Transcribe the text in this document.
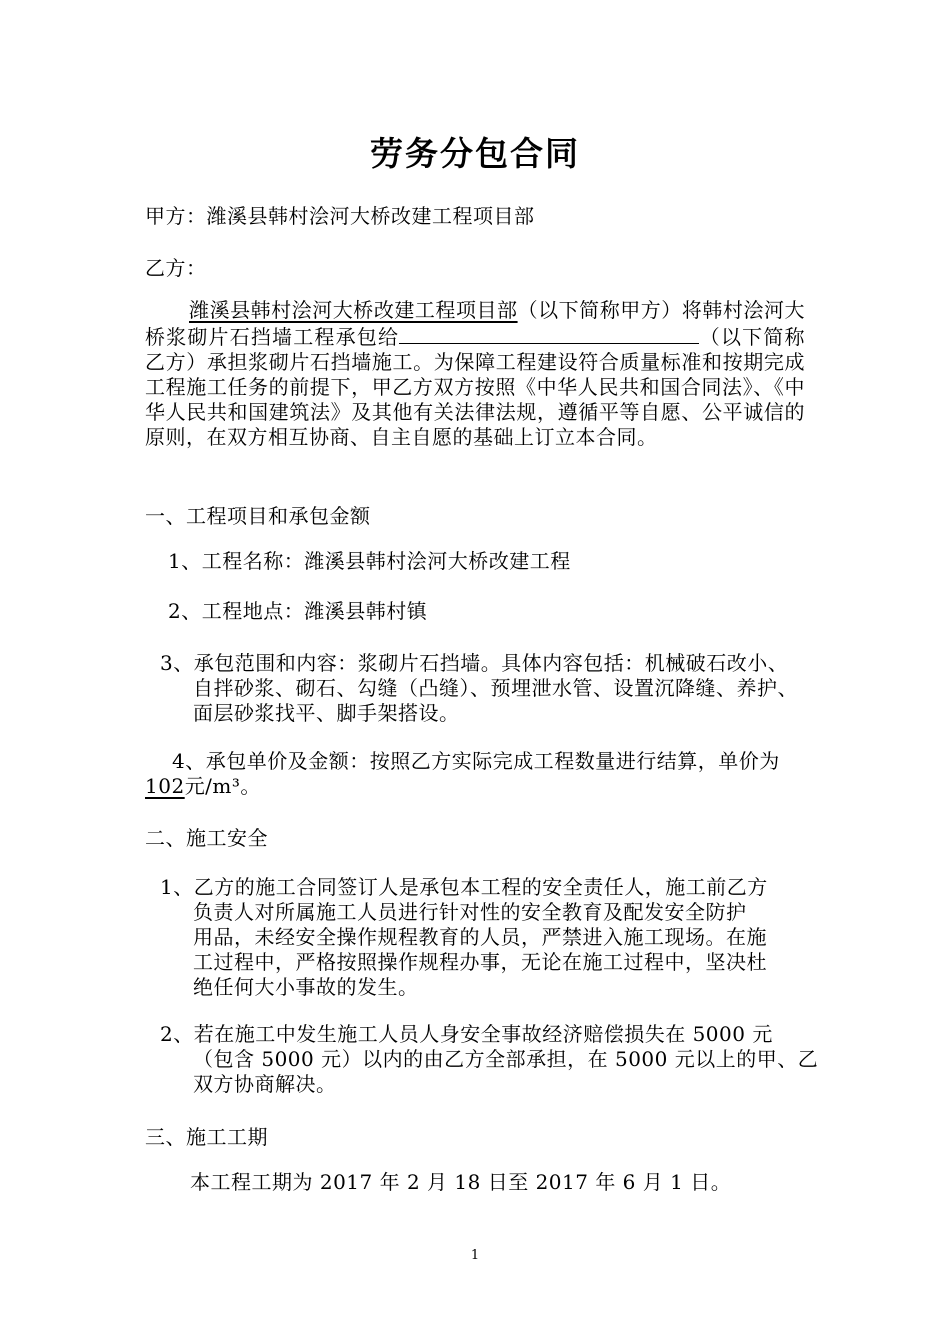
劳务分包合同
甲方：潍溪县韩村浍河大桥改建工程项目部
乙方：
潍溪县韩村浍河大桥改建工程项目部（以下简称甲方）将韩村浍河大桥浆砌片石挡墙工程承包给	（以下简称乙方）承担浆砌片石挡墙施工。为保障工程建设符合质量标准和按期完成工程施工任务的前提下，甲乙方双方按照《中华人民共和国合同法》、《中华人民共和国建筑法》及其他有关法律法规，遵循平等自愿、公平诚信的原则，在双方相互协商、自主自愿的基础上订立本合同。
一、工程项目和承包金额
1、工程名称：潍溪县韩村浍河大桥改建工程
2、工程地点：潍溪县韩村镇
3、承包范围和内容：浆砌片石挡墙。具体内容包括：机械破石改小、
自拌砂浆、砌石、勾缝（凸缝）、预埋泄水管、设置沉降缝、养护、
面层砂浆找平、脚手架搭设。
4、承包单价及金额：按照乙方实际完成工程数量进行结算，单价为
102元/m³。
二、施工安全
1、乙方的施工合同签订人是承包本工程的安全责任人，施工前乙方
负责人对所属施工人员进行针对性的安全教育及配发安全防护
用品，未经安全操作规程教育的人员，严禁进入施工现场。在施
工过程中，严格按照操作规程办事，无论在施工过程中，坚决杜
绝任何大小事故的发生。
2、若在施工中发生施工人员人身安全事故经济赔偿损失在 5000 元
（包含 5000 元）以内的由乙方全部承担，在 5000 元以上的甲、乙
双方协商解决。
三、施工工期
本工程工期为 2017 年 2 月 18 日至 2017 年 6 月 1 日。
1
